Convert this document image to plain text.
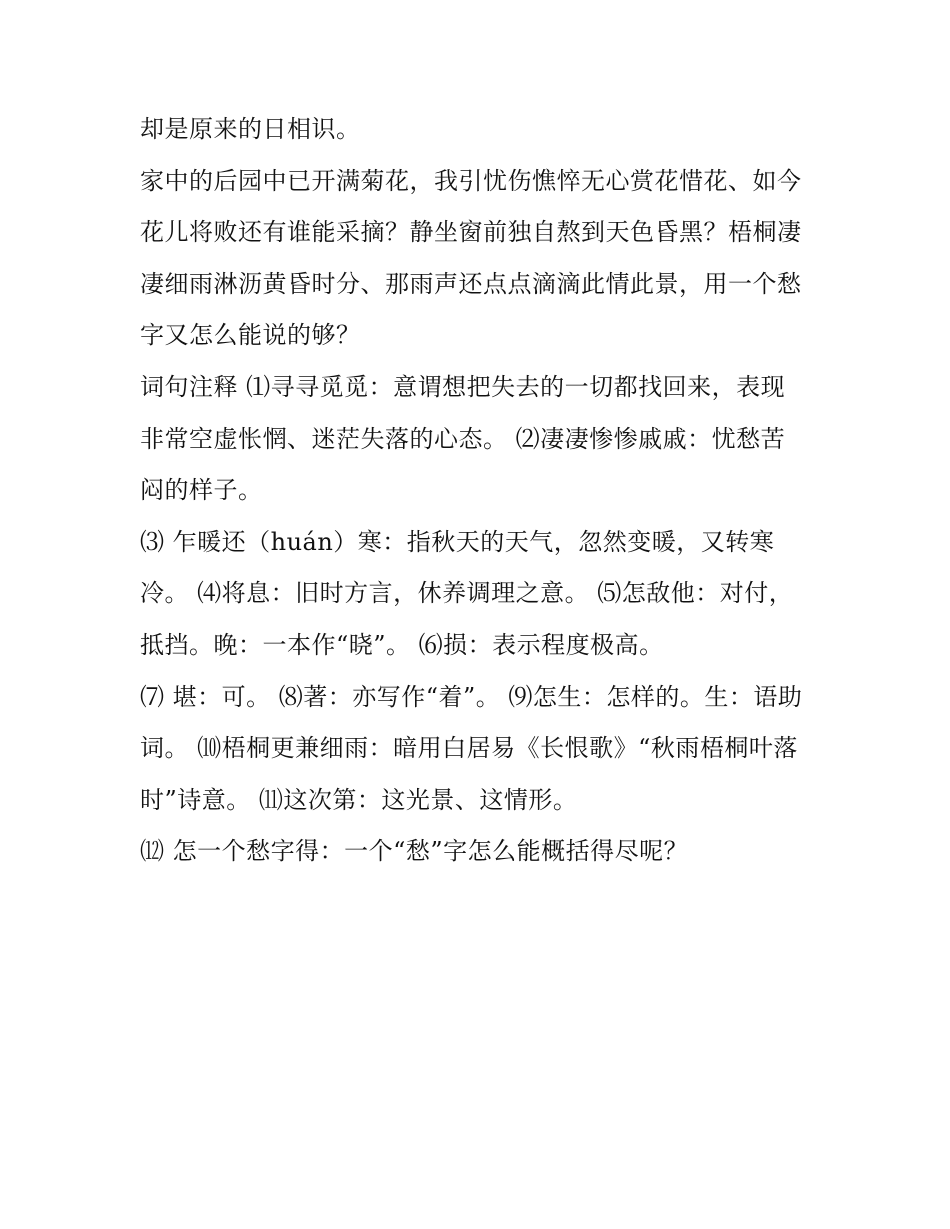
却是原来的日相识。
家中的后园中已开满菊花，我引忧伤憔悴无心赏花惜花、如今
花儿将败还有谁能采摘？静坐窗前独自熬到天色昏黑？梧桐凄
凄细雨淋沥黄昏时分、那雨声还点点滴滴此情此景，用一个愁
字又怎么能说的够？
词句注释 ⑴寻寻觅觅：意谓想把失去的一切都找回来，表现
非常空虚怅惘、迷茫失落的心态。 ⑵凄凄惨惨戚戚：忧愁苦
闷的样子。
⑶ 乍暖还（huán）寒：指秋天的天气，忽然变暖，又转寒
冷。 ⑷将息：旧时方言，休养调理之意。 ⑸怎敌他：对付，
抵挡。晚：一本作“晓”。 ⑹损：表示程度极高。
⑺ 堪：可。 ⑻著：亦写作“着”。 ⑼怎生：怎样的。生：语助
词。 ⑽梧桐更兼细雨：暗用白居易《长恨歌》“秋雨梧桐叶落
时”诗意。 ⑾这次第：这光景、这情形。
⑿ 怎一个愁字得：一个“愁”字怎么能概括得尽呢？
